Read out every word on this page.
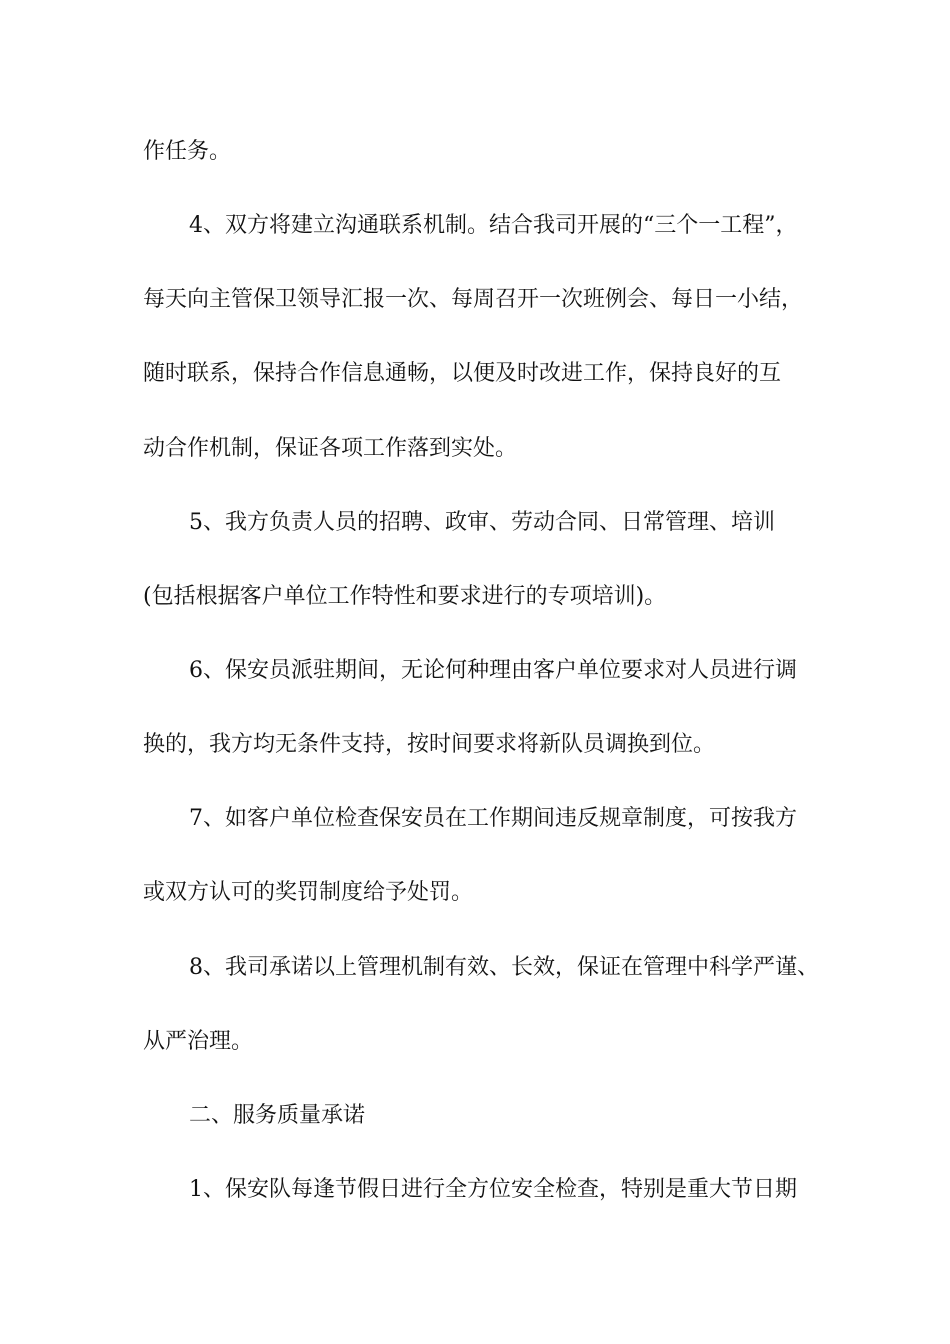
作任务。
4、双方将建立沟通联系机制。结合我司开展的“三个一工程”，
每天向主管保卫领导汇报一次、每周召开一次班例会、每日一小结，
随时联系，保持合作信息通畅，以便及时改进工作，保持良好的互
动合作机制，保证各项工作落到实处。
5、我方负责人员的招聘、政审、劳动合同、日常管理、培训
(包括根据客户单位工作特性和要求进行的专项培训)。
6、保安员派驻期间，无论何种理由客户单位要求对人员进行调
换的，我方均无条件支持，按时间要求将新队员调换到位。
7、如客户单位检查保安员在工作期间违反规章制度，可按我方
或双方认可的奖罚制度给予处罚。
8、我司承诺以上管理机制有效、长效，保证在管理中科学严谨、
从严治理。
二、服务质量承诺
1、保安队每逢节假日进行全方位安全检查，特别是重大节日期
